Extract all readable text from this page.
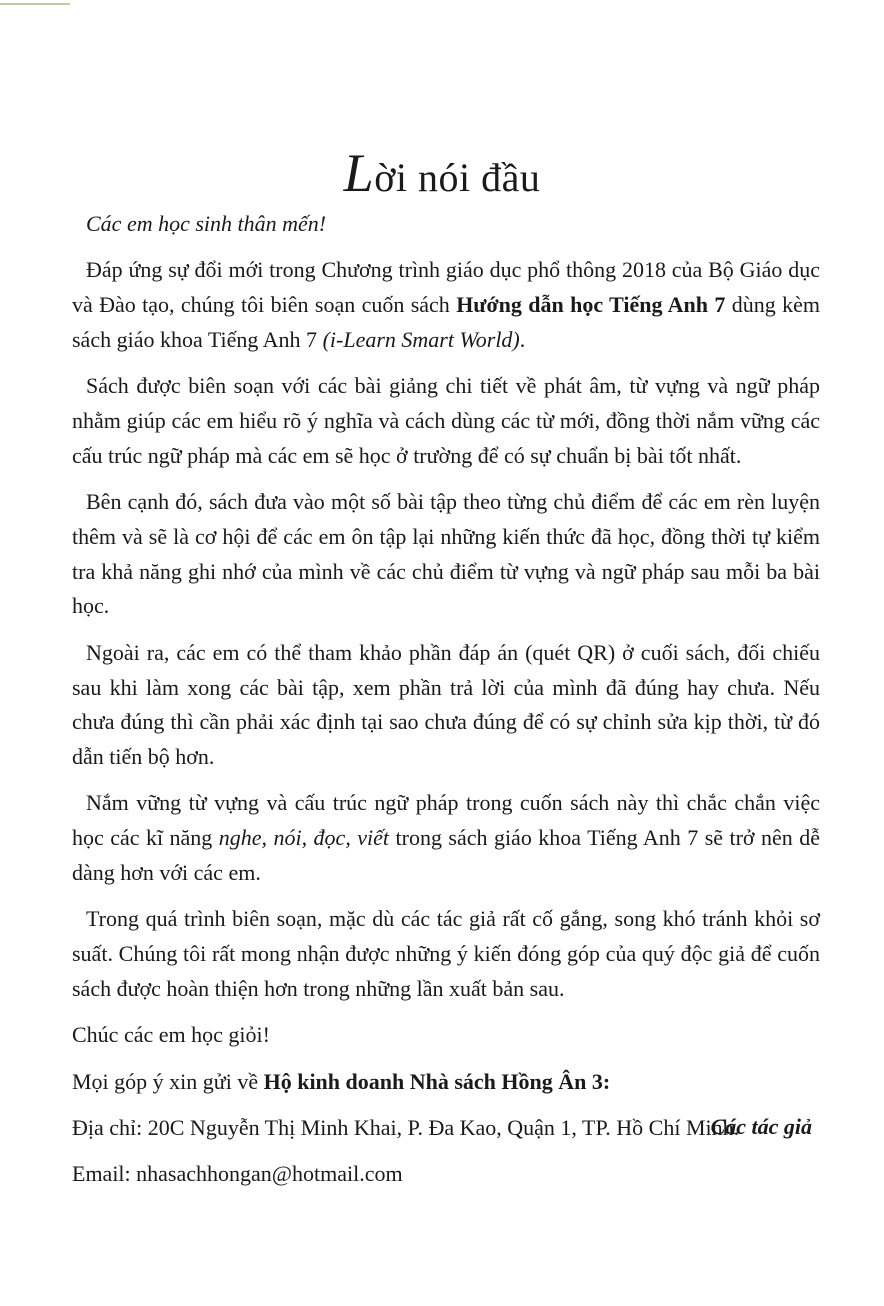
Lời nói đầu

Các em học sinh thân mến!

Đáp ứng sự đổi mới trong Chương trình giáo dục phổ thông 2018 của Bộ Giáo dục và Đào tạo, chúng tôi biên soạn cuốn sách Hướng dẫn học Tiếng Anh 7 dùng kèm sách giáo khoa Tiếng Anh 7 (i-Learn Smart World).

Sách được biên soạn với các bài giảng chi tiết về phát âm, từ vựng và ngữ pháp nhằm giúp các em hiểu rõ ý nghĩa và cách dùng các từ mới, đồng thời nắm vững các cấu trúc ngữ pháp mà các em sẽ học ở trường để có sự chuẩn bị bài tốt nhất.

Bên cạnh đó, sách đưa vào một số bài tập theo từng chủ điểm để các em rèn luyện thêm và sẽ là cơ hội để các em ôn tập lại những kiến thức đã học, đồng thời tự kiểm tra khả năng ghi nhớ của mình về các chủ điểm từ vựng và ngữ pháp sau mỗi ba bài học.

Ngoài ra, các em có thể tham khảo phần đáp án (quét QR) ở cuối sách, đối chiếu sau khi làm xong các bài tập, xem phần trả lời của mình đã đúng hay chưa. Nếu chưa đúng thì cần phải xác định tại sao chưa đúng để có sự chỉnh sửa kịp thời, từ đó dẫn tiến bộ hơn.

Nắm vững từ vựng và cấu trúc ngữ pháp trong cuốn sách này thì chắc chắn việc học các kĩ năng nghe, nói, đọc, viết trong sách giáo khoa Tiếng Anh 7 sẽ trở nên dễ dàng hơn với các em.

Trong quá trình biên soạn, mặc dù các tác giả rất cố gắng, song khó tránh khỏi sơ suất. Chúng tôi rất mong nhận được những ý kiến đóng góp của quý độc giả để cuốn sách được hoàn thiện hơn trong những lần xuất bản sau.

Chúc các em học giỏi!

Mọi góp ý xin gửi về Hộ kinh doanh Nhà sách Hồng Ân 3:

Địa chỉ: 20C Nguyễn Thị Minh Khai, P. Đa Kao, Quận 1, TP. Hồ Chí Minh.

Email: nhasachhongan@hotmail.com

Các tác giả
